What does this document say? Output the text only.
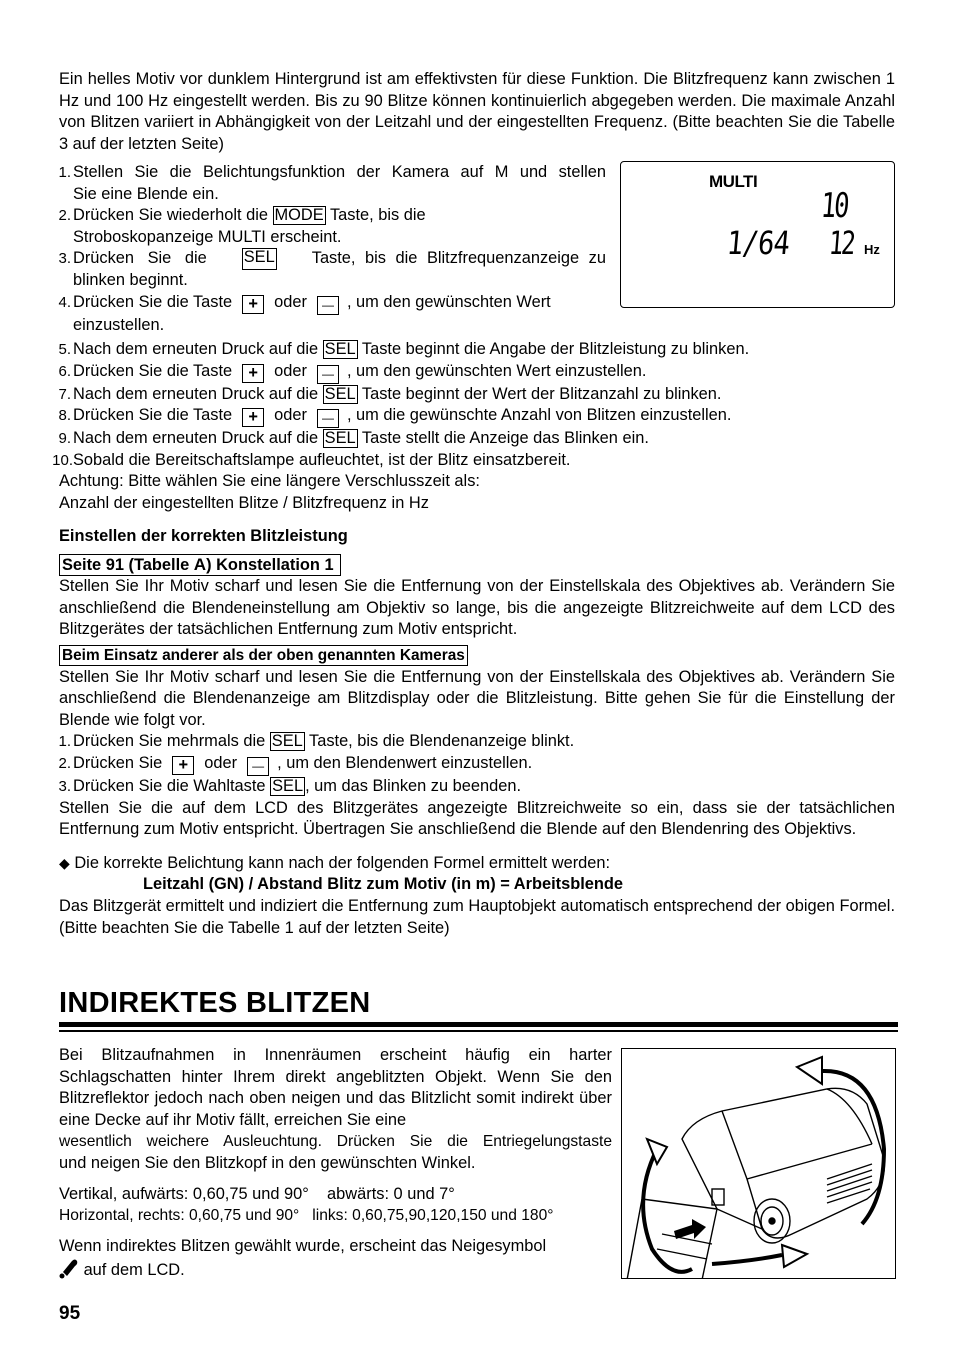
Ein helles Motiv vor dunklem Hintergrund ist am effektivsten für diese Funktion. Die Blitzfrequenz kann zwischen 1 Hz und 100 Hz eingestellt werden. Bis zu 90 Blitze können kontinuierlich abgegeben werden. Die maximale Anzahl von Blitzen variiert in Abhängigkeit von der Leitzahl und der eingestellten Frequenz. (Bitte beachten Sie die Tabelle 3 auf der letzten Seite)

MULTI
10
1/64 12 Hz
1. Stellen Sie die Belichtungsfunktion der Kamera auf M und stellen

Sie eine Blende ein.

2. Drücken Sie wiederholt die MODE Taste, bis die

Stroboskopanzeige MULTI erscheint.

3. Drücken Sie die SEL Taste, bis die Blitzfrequenzanzeige zu

blinken beginnt.

4. Drücken Sie die Taste + oder — , um den gewünschten Wert

einzustellen.

5. Nach dem erneuten Druck auf die SEL Taste beginnt die Angabe der Blitzleistung zu blinken.

6. Drücken Sie die Taste + oder — , um den gewünschten Wert einzustellen.

7. Nach dem erneuten Druck auf die SEL Taste beginnt der Wert der Blitzanzahl zu blinken.

8. Drücken Sie die Taste + oder — , um die gewünschte Anzahl von Blitzen einzustellen.

9. Nach dem erneuten Druck auf die SEL Taste stellt die Anzeige das Blinken ein.

10. Sobald die Bereitschaftslampe aufleuchtet, ist der Blitz einsatzbereit.

Achtung: Bitte wählen Sie eine längere Verschlusszeit als:

Anzahl der eingestellten Blitze / Blitzfrequenz in Hz

Einstellen der korrekten Blitzleistung

Seite 91 (Tabelle A) Konstellation 1

Stellen Sie Ihr Motiv scharf und lesen Sie die Entfernung von der Einstellskala des Objektives ab. Verändern Sie anschließend die Blendeneinstellung am Objektiv so lange, bis die angezeigte Blitzreichweite auf dem LCD des Blitzgerätes der tatsächlichen Entfernung zum Motiv entspricht.

Beim Einsatz anderer als der oben genannten Kameras

Stellen Sie Ihr Motiv scharf und lesen Sie die Entfernung von der Einstellskala des Objektives ab. Verändern Sie anschließend die Blendenanzeige am Blitzdisplay oder die Blitzleistung. Bitte gehen Sie für die Einstellung der Blende wie folgt vor.

1. Drücken Sie mehrmals die SEL Taste, bis die Blendenanzeige blinkt.

2. Drücken Sie + oder — , um den Blendenwert einzustellen.

3. Drücken Sie die Wahltaste SEL , um das Blinken zu beenden.

Stellen Sie die auf dem LCD des Blitzgerätes angezeigte Blitzreichweite so ein, dass sie der tatsächlichen Entfernung zum Motiv entspricht. Übertragen Sie anschließend die Blende auf den Blendenring des Objektivs.

◆ Die korrekte Belichtung kann nach der folgenden Formel ermittelt werden:

Leitzahl (GN) / Abstand Blitz zum Motiv (in m) = Arbeitsblende

Das Blitzgerät ermittelt und indiziert die Entfernung zum Hauptobjekt automatisch entsprechend der obigen Formel. (Bitte beachten Sie die Tabelle 1 auf der letzten Seite)

INDIREKTES BLITZEN

Bei Blitzaufnahmen in Innenräumen erscheint häufig ein harter Schlagschatten hinter Ihrem direkt angeblitzten Objekt. Wenn Sie den Blitzreflektor jedoch nach oben neigen und das Blitzlicht somit indirekt über eine Decke auf ihr Motiv fällt, erreichen Sie eine

wesentlich weichere Ausleuchtung. Drücken Sie die Entriegelungstaste

und neigen Sie den Blitzkopf in den gewünschten Winkel.

Vertikal, aufwärts: 0,60,75 und 90°    abwärts: 0 und 7°

Horizontal, rechts: 0,60,75 und 90°   links: 0,60,75,90,120,150 und 180°

Wenn indirektes Blitzen gewählt wurde, erscheint das Neigesymbol

auf dem LCD.

95
